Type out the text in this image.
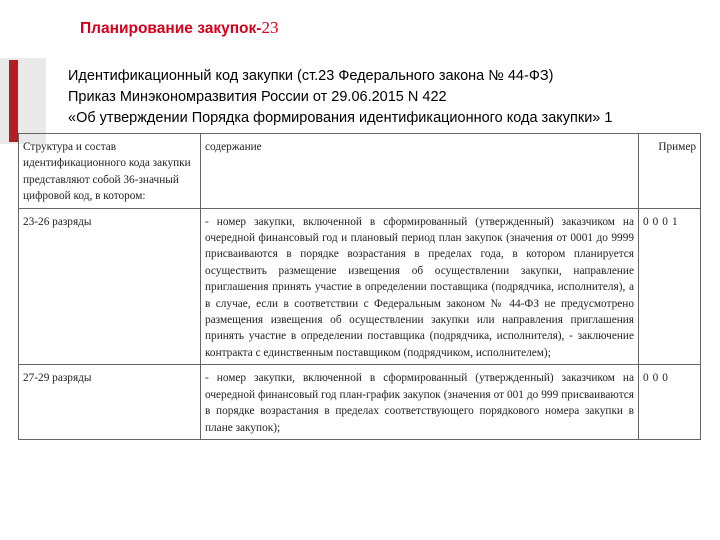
Планирование закупок-23
Идентификационный код закупки (ст.23 Федерального закона № 44-ФЗ)
Приказ Минэкономразвития России от 29.06.2015 N 422
«Об утверждении Порядка формирования идентификационного кода закупки» 1
Структура и состав идентификационного кода закупки представляют собой 36-значный цифровой код, в котором:	содержание	Пример
23-26 разряды	- номер закупки, включенной в сформированный (утвержденный) заказчиком на очередной финансовый год и плановый период план закупок (значения от 0001 до 9999 присваиваются в порядке возрастания в пределах года, в котором планируется осуществить размещение извещения об осуществлении закупки, направление приглашения принять участие в определении поставщика (подрядчика, исполнителя), а в случае, если в соответствии с Федеральным законом № 44-ФЗ не предусмотрено размещения извещения об осуществлении закупки или направления приглашения принять участие в определении поставщика (подрядчика, исполнителя), - заключение контракта с единственным поставщиком (подрядчиком, исполнителем);	0001
27-29 разряды	- номер закупки, включенной в сформированный (утвержденный) заказчиком на очередной финансовый год план-график закупок (значения от 001 до 999 присваиваются в порядке возрастания в пределах соответствующего порядкового номера закупки в плане закупок);	000
